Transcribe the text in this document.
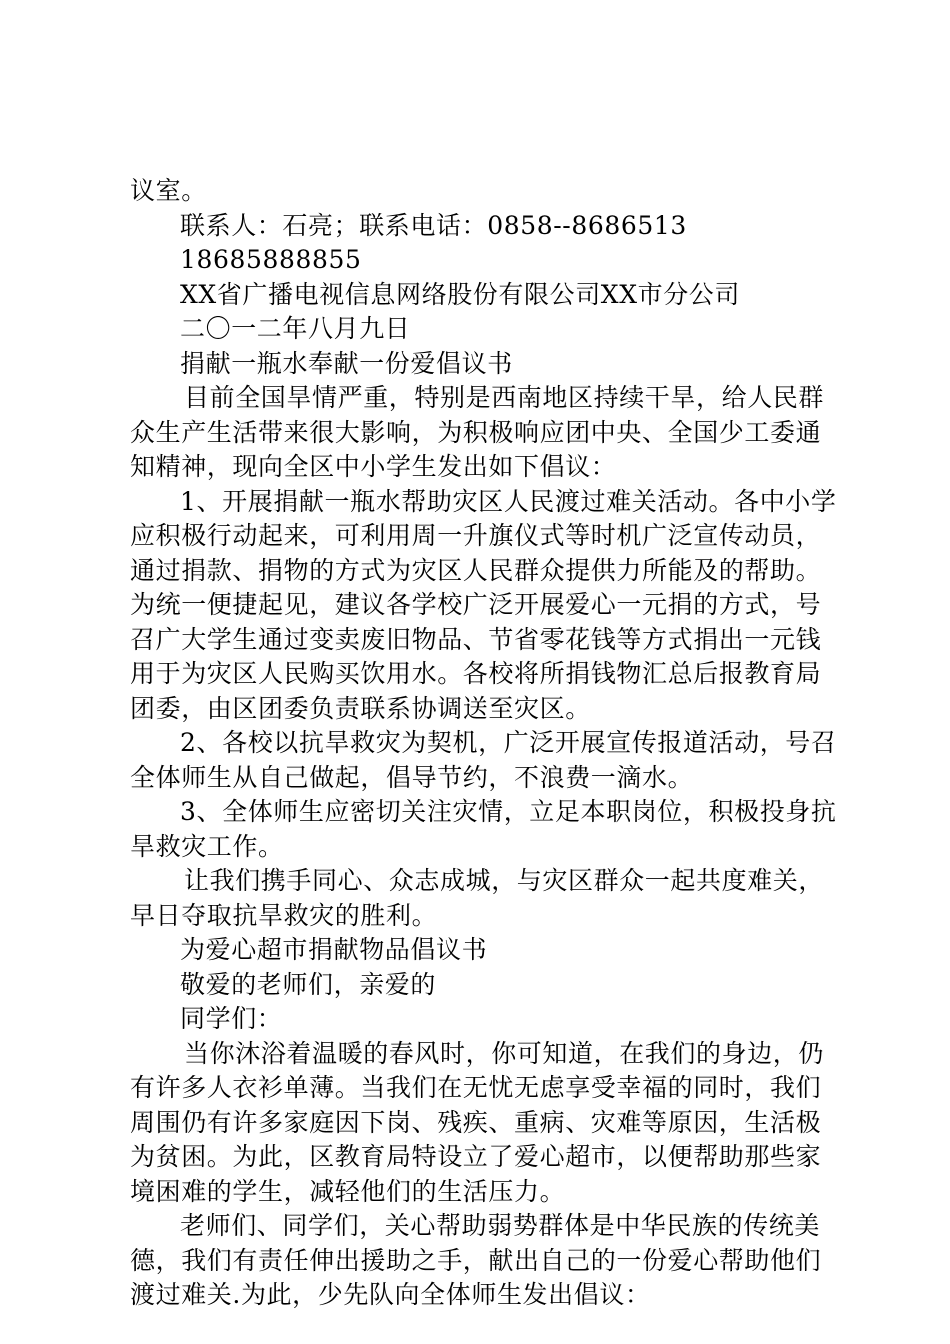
议室。

联系人：石亮；联系电话：0858--8686513

18685888855

XX省广播电视信息网络股份有限公司XX市分公司

二〇一二年八月九日

捐献一瓶水奉献一份爱倡议书

目前全国旱情严重，特别是西南地区持续干旱，给人民群众生产生活带来很大影响，为积极响应团中央、全国少工委通知精神，现向全区中小学生发出如下倡议：

1、开展捐献一瓶水帮助灾区人民渡过难关活动。各中小学应积极行动起来，可利用周一升旗仪式等时机广泛宣传动员，通过捐款、捐物的方式为灾区人民群众提供力所能及的帮助。为统一便捷起见，建议各学校广泛开展爱心一元捐的方式，号召广大学生通过变卖废旧物品、节省零花钱等方式捐出一元钱用于为灾区人民购买饮用水。各校将所捐钱物汇总后报教育局团委，由区团委负责联系协调送至灾区。

2、各校以抗旱救灾为契机，广泛开展宣传报道活动，号召全体师生从自己做起，倡导节约，不浪费一滴水。

3、全体师生应密切关注灾情，立足本职岗位，积极投身抗旱救灾工作。

让我们携手同心、众志成城，与灾区群众一起共度难关，早日夺取抗旱救灾的胜利。

为爱心超市捐献物品倡议书

敬爱的老师们，亲爱的

同学们：

当你沐浴着温暖的春风时，你可知道，在我们的身边，仍有许多人衣衫单薄。当我们在无忧无虑享受幸福的同时，我们周围仍有许多家庭因下岗、残疾、重病、灾难等原因，生活极为贫困。为此，区教育局特设立了爱心超市，以便帮助那些家境困难的学生，减轻他们的生活压力。

老师们、同学们，关心帮助弱势群体是中华民族的传统美德，我们有责任伸出援助之手，献出自己的一份爱心帮助他们渡过难关.为此，少先队向全体师生发出倡议：
